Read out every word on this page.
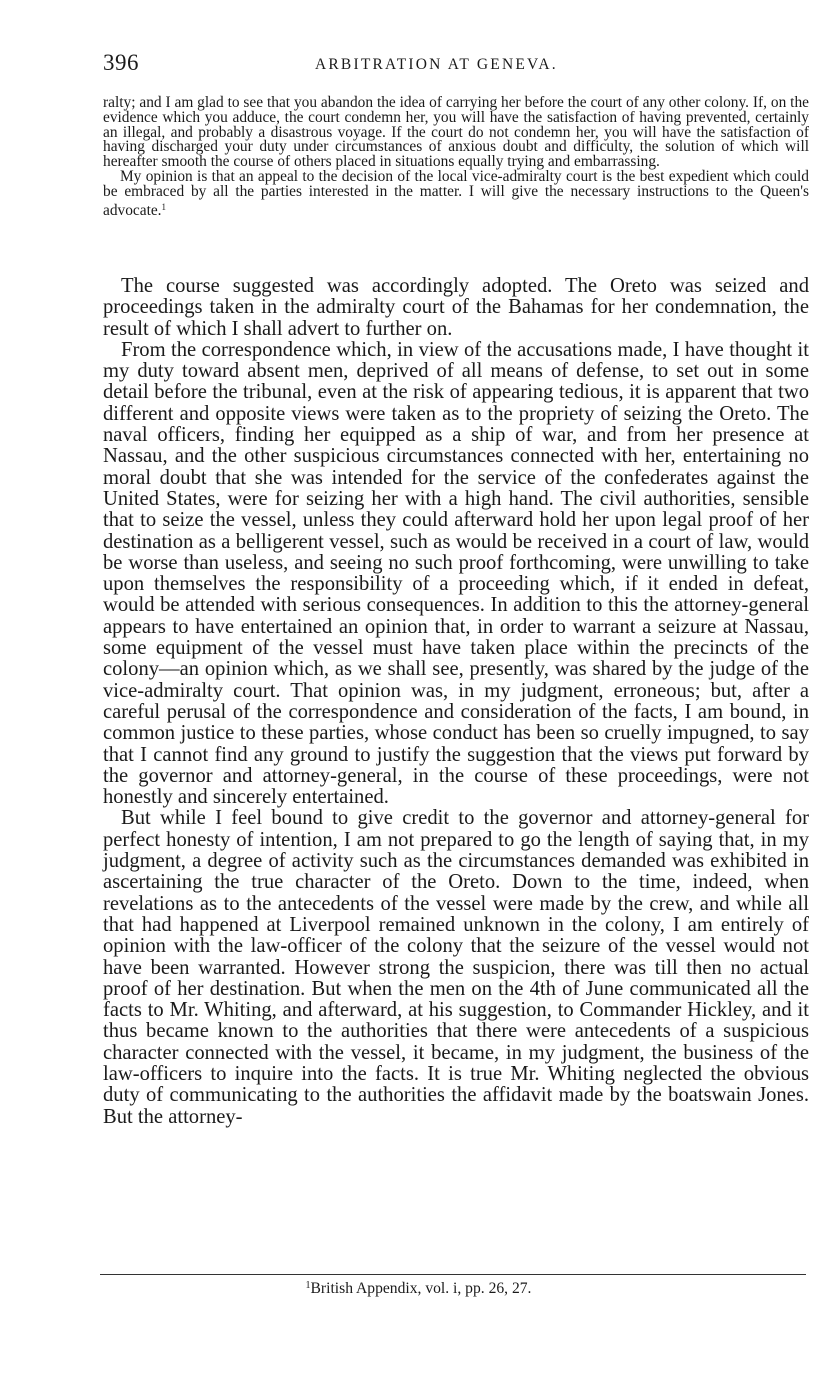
396	ARBITRATION AT GENEVA.

ralty; and I am glad to see that you abandon the idea of carrying her before the court of any other colony. If, on the evidence which you adduce, the court condemn her, you will have the satisfaction of having prevented, certainly an illegal, and probably a disastrous voyage. If the court do not condemn her, you will have the satisfaction of having discharged your duty under circumstances of anxious doubt and difficulty, the solution of which will hereafter smooth the course of others placed in situations equally trying and embarrassing.

My opinion is that an appeal to the decision of the local vice-admiralty court is the best expedient which could be embraced by all the parties interested in the matter. I will give the necessary instructions to the Queen's advocate.$^1$

The course suggested was accordingly adopted. The Oreto was seized and proceedings taken in the admiralty court of the Bahamas for her condemnation, the result of which I shall advert to further on.

From the correspondence which, in view of the accusations made, I have thought it my duty toward absent men, deprived of all means of defense, to set out in some detail before the tribunal, even at the risk of appearing tedious, it is apparent that two different and opposite views were taken as to the propriety of seizing the Oreto. The naval officers, finding her equipped as a ship of war, and from her presence at Nassau, and the other suspicious circumstances connected with her, entertaining no moral doubt that she was intended for the service of the confederates against the United States, were for seizing her with a high hand. The civil authorities, sensible that to seize the vessel, unless they could afterward hold her upon legal proof of her destination as a belligerent vessel, such as would be received in a court of law, would be worse than useless, and seeing no such proof forthcoming, were unwilling to take upon themselves the responsibility of a proceeding which, if it ended in defeat, would be attended with serious consequences. In addition to this the attorney-general appears to have entertained an opinion that, in order to warrant a seizure at Nassau, some equipment of the vessel must have taken place within the precincts of the colony—an opinion which, as we shall see, presently, was shared by the judge of the vice-admiralty court. That opinion was, in my judgment, erroneous; but, after a careful perusal of the correspondence and consideration of the facts, I am bound, in common justice to these parties, whose conduct has been so cruelly impugned, to say that I cannot find any ground to justify the suggestion that the views put forward by the governor and attorney-general, in the course of these proceedings, were not honestly and sincerely entertained.

But while I feel bound to give credit to the governor and attorney-general for perfect honesty of intention, I am not prepared to go the length of saying that, in my judgment, a degree of activity such as the circumstances demanded was exhibited in ascertaining the true character of the Oreto. Down to the time, indeed, when revelations as to the antecedents of the vessel were made by the crew, and while all that had happened at Liverpool remained unknown in the colony, I am entirely of opinion with the law-officer of the colony that the seizure of the vessel would not have been warranted. However strong the suspicion, there was till then no actual proof of her destination. But when the men on the 4th of June communicated all the facts to Mr. Whiting, and afterward, at his suggestion, to Commander Hickley, and it thus became known to the authorities that there were antecedents of a suspicious character connected with the vessel, it became, in my judgment, the business of the law-officers to inquire into the facts. It is true Mr. Whiting neglected the obvious duty of communicating to the authorities the affidavit made by the boatswain Jones. But the attorney-

$^1$British Appendix, vol. i, pp. 26, 27.
